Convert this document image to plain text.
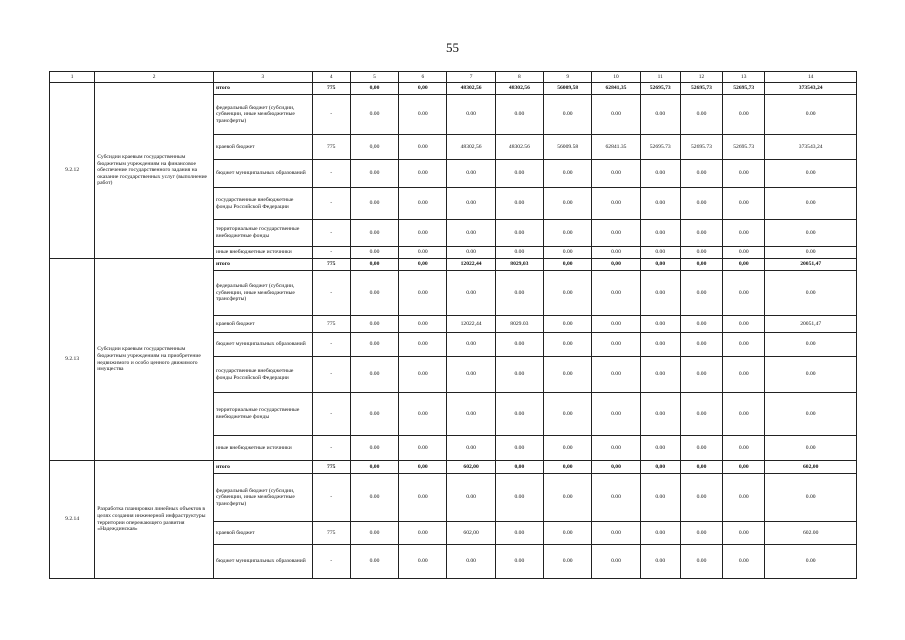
55
1	2	3	4	5	6	7	8	9	10	11	12	13	14
9.2.12	Субсидии краевым государственным бюджетным учреждениям на финансовое обеспечение государственного задания на оказание государственных услуг (выполнение работ)	итого	775	0,00	0,00	48302,56	48302,56	56009,58	62841,35	52695,73	52695,73	52695,73	373543,24
		федеральный бюджет (субсидии, субвенции, иные межбюджетные трансферты)	-	0.00	0.00	0.00	0.00	0.00	0.00	0.00	0.00	0.00	0.00
		краевой бюджет	775	0,00	0.00	48302,56	48302.56	56009.58	62841.35	52695.73	52695.73	52695.73	373543,24
		бюджет муниципальных образований	-	0.00	0.00	0.00	0.00	0.00	0.00	0.00	0.00	0.00	0.00
		государственные внебюджетные фонды Российской Федерации	-	0.00	0.00	0.00	0.00	0.00	0.00	0.00	0.00	0.00	0.00
		территориальные государственные внебюджетные фонды	-	0.00	0.00	0.00	0.00	0.00	0.00	0.00	0.00	0.00	0.00
		иные внебюджетные источники	-	0.00	0.00	0.00	0.00	0.00	0.00	0.00	0.00	0.00	0.00
9.2.13	Субсидии краевым государственным бюджетным учреждениям на приобретение недвижимого и особо ценного движимого имущества	итого	775	0,00	0,00	12022,44	8029,03	0,00	0,00	0,00	0,00	0,00	20051,47
		федеральный бюджет (субсидии, субвенции, иные межбюджетные трансферты)	-	0.00	0.00	0.00	0.00	0.00	0.00	0.00	0.00	0.00	0.00
		краевой бюджет	775	0.00	0.00	12022,44	8029.03	0.00	0.00	0.00	0.00	0.00	20051,47
		бюджет муниципальных образований	-	0.00	0.00	0.00	0.00	0.00	0.00	0.00	0.00	0.00	0.00
		государственные внебюджетные фонды Российской Федерации	-	0.00	0.00	0.00	0.00	0.00	0.00	0.00	0.00	0.00	0.00
		территориальные государственные внебюджетные фонды	-	0.00	0.00	0.00	0.00	0.00	0.00	0.00	0.00	0.00	0.00
		иные внебюджетные источники	-	0.00	0.00	0.00	0.00	0.00	0.00	0.00	0.00	0.00	0.00
9.2.14	Разработка планировки линейных объектов в целях создания инженерной инфраструктуры территории опережающего развития «Надеждинская»	итого	775	0,00	0,00	602,00	0,00	0,00	0,00	0,00	0,00	0,00	602,00
		федеральный бюджет (субсидии, субвенции, иные межбюджетные трансферты)	-	0.00	0.00	0.00	0.00	0.00	0.00	0.00	0.00	0.00	0.00
		краевой бюджет	775	0.00	0.00	602,00	0.00	0.00	0.00	0.00	0.00	0.00	602.00
		бюджет муниципальных образований	-	0.00	0.00	0.00	0.00	0.00	0.00	0.00	0.00	0.00	0.00
